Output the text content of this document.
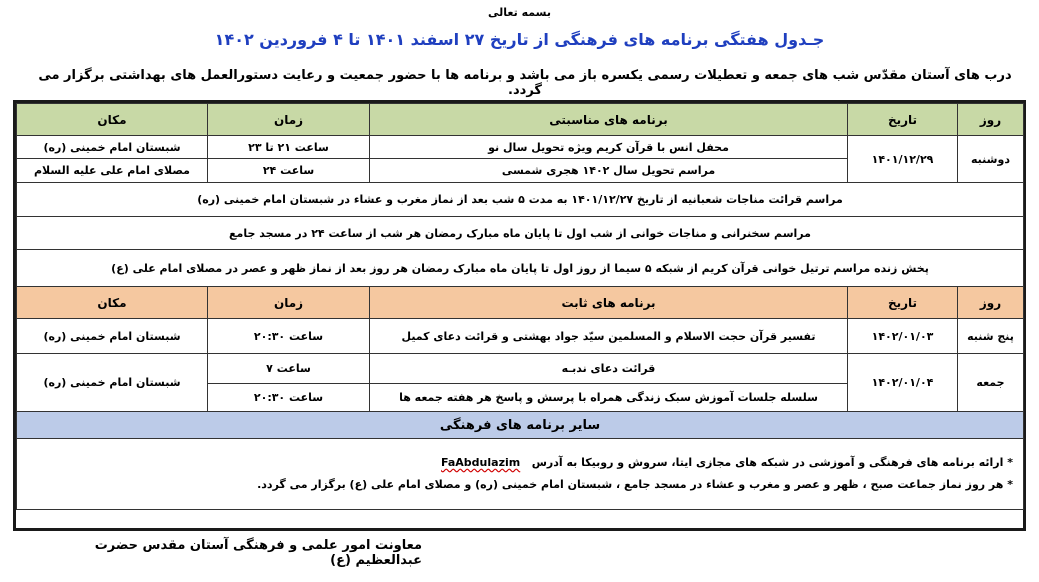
بسمه تعالی
جـدول هفتگی برنامه های فرهنگی از تاریخ ۲۷ اسفند ۱۴۰۱ تا ۴ فروردین ۱۴۰۲
درب های آستان مقدّس شب های جمعه و تعطیلات رسمی یکسره باز می باشد و برنامه ها با حضور جمعیت و رعایت دستورالعمل های بهداشتی برگزار می گردد.
روز	تاریخ	برنامه های مناسبتی	زمان	مکان
دوشنبه	۱۴۰۱/۱۲/۲۹	محفل انس با قرآن کریم ویژه تحویل سال نو	ساعت ۲۱ تا ۲۳	شبستان امام خمینی (ره)
		مراسم تحویل سال ۱۴۰۲ هجری شمسی	ساعت ۲۴	مصلای امام علی علیه السلام
مراسم قرائت مناجات شعبانیه از تاریخ ۱۴۰۱/۱۲/۲۷ به مدت ۵ شب بعد از نماز مغرب و عشاء در شبستان امام خمینی (ره)				
مراسم سخنرانی و مناجات خوانی از شب اول تا پایان ماه مبارک رمضان هر شب از ساعت ۲۴ در مسجد جامع				
پخش زنده مراسم ترتیل خوانی قرآن کریم از شبکه ۵ سیما از روز اول تا پایان ماه مبارک رمضان هر روز بعد از نماز ظهر و عصر در مصلای امام علی (ع)				
روز	تاریخ	برنامه های ثابت	زمان	مکان
پنج شنبه	۱۴۰۲/۰۱/۰۳	تفسیر قرآن حجت الاسلام و المسلمین سیّد جواد بهشتی و قرائت دعای کمیل	ساعت ۲۰:۳۰	شبستان امام خمینی (ره)
جمعه	۱۴۰۲/۰۱/۰۴	قرائت دعای ندبـه	ساعت ۷	شبستان امام خمینی (ره)
		سلسله جلسات آموزش سبک زندگی همراه با پرسش و پاسخ هر هفته جمعه ها	ساعت ۲۰:۳۰	
سایر برنامه های فرهنگی				

* ارائه برنامه های فرهنگی و آموزشی در شبکه های مجازی ایتا، سروش و روبیکا به آدرس   FaAbdulazim
* هر روز نماز جماعت صبح ، ظهر و عصر و مغرب و عشاء در مسجد جامع ، شبستان امام خمینی (ره) و مصلای امام علی (ع) برگزار می گردد.				
معاونت امور علمی و فرهنگی آستان مقدس حضرت عبدالعظیم (ع)
